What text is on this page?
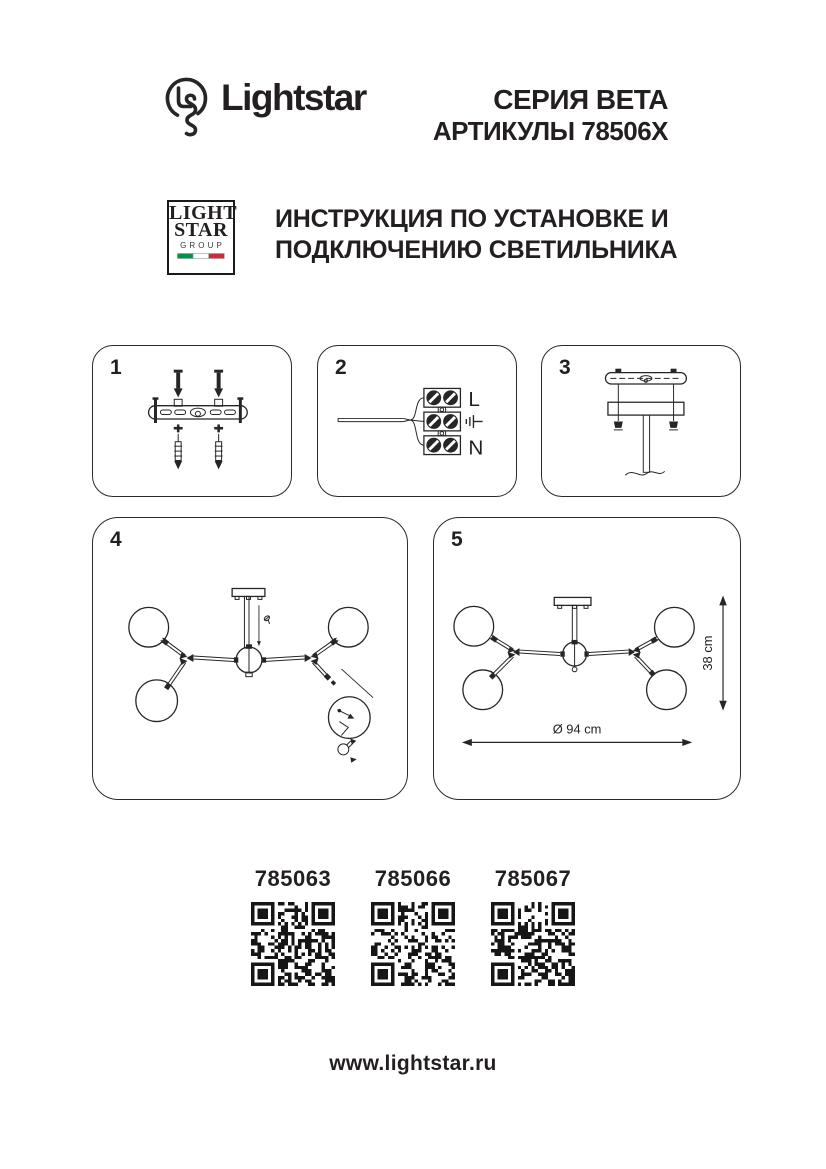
Lightstar	СЕРИЯ BETA
АРТИКУЛЫ 78506X
LIGHT
STAR
GROUP
ИНСТРУКЦИЯ ПО УСТАНОВКЕ И
ПОДКЛЮЧЕНИЮ СВЕТИЛЬНИКА
1
L
N
2	3
4
38 cm
Ø 94 cm
5
785063	785066	785067
www.lightstar.ru
